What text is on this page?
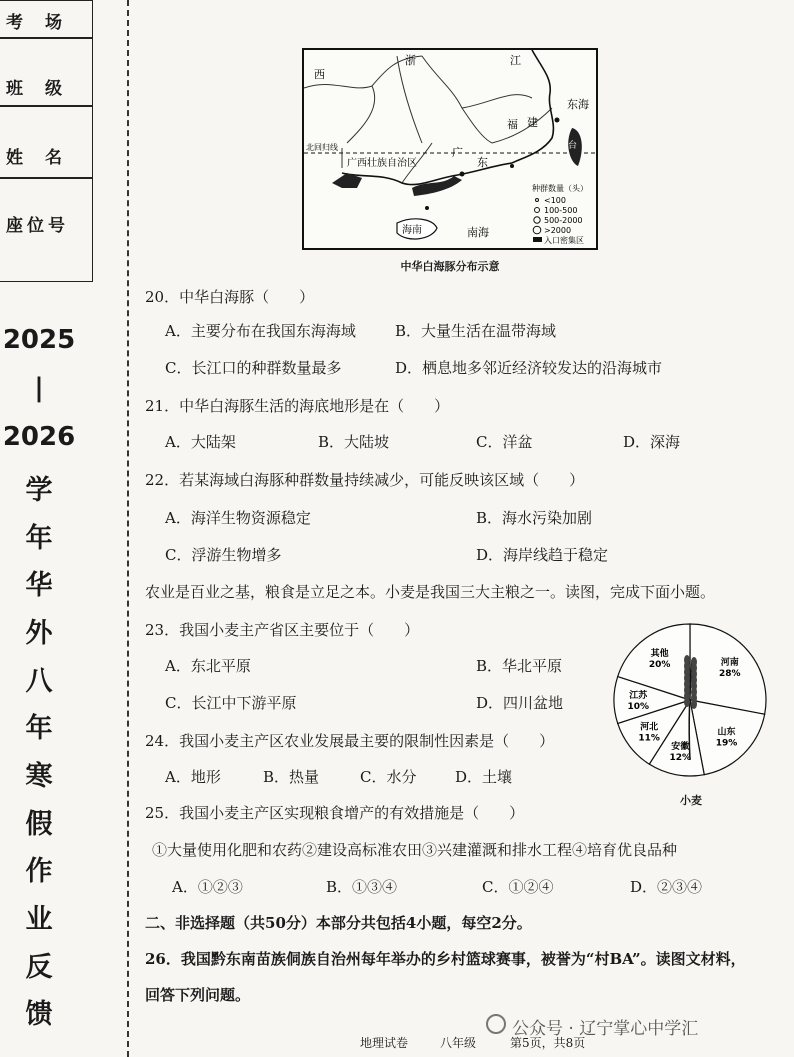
考场
班级
姓名
座位号
2025
|
2026
学
年
华
外
八
年
寒
假
作
业
反
馈
北回归线
广西壮族自治区
广
东
福 建
东海
台
南海
海南
江
浙
西
种群数量（头）
<100
100-500
500-2000
>2000
入口密集区
中华白海豚分布示意
20．中华白海豚（　　）
A．主要分布在我国东海海域	B．大量生活在温带海域
C．长江口的种群数量最多	D．栖息地多邻近经济较发达的沿海城市
21．中华白海豚生活的海底地形是在（　　）
A．大陆架	B．大陆坡	C．洋盆	D．深海
22．若某海域白海豚种群数量持续减少，可能反映该区域（　　）
A．海洋生物资源稳定	B．海水污染加剧
C．浮游生物增多	D．海岸线趋于稳定
农业是百业之基，粮食是立足之本。小麦是我国三大主粮之一。读图，完成下面小题。
23．我国小麦主产省区主要位于（　　）
A．东北平原	B．华北平原
C．长江中下游平原	D．四川盆地
24．我国小麦主产区农业发展最主要的限制性因素是（　　）
A．地形	B．热量	C．水分	D．土壤
25．我国小麦主产区实现粮食增产的有效措施是（　　）
①大量使用化肥和农药②建设高标准农田③兴建灌溉和排水工程④培育优良品种
A．①②③	B．①③④	C．①②④	D．②③④
河南
28%
山东
19%
安徽
12%
河北
11%
江苏
10%
其他
20%
小麦
二、非选择题（共50分）本部分共包括4小题，每空2分。
26．我国黔东南苗族侗族自治州每年举办的乡村篮球赛事，被誉为“村BA”。读图文材料，
回答下列问题。
地理试卷	八年级	第5页，共8页
公众号 · 辽宁掌心中学汇
